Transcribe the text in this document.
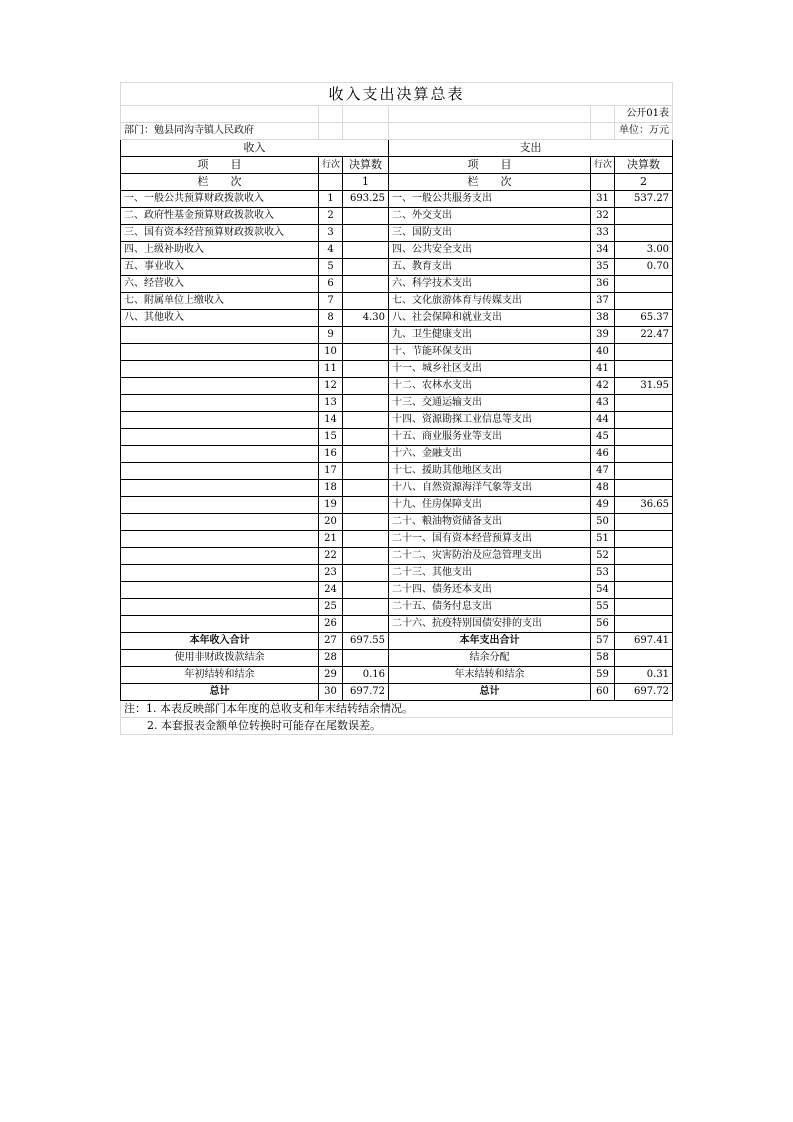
收入支出决算总表					
					公开01表
部门：勉县同沟寺镇人民政府					单位：万元
收入			支出		
项　　目	行次	决算数	项　　目	行次	决算数
栏　　次		1	栏　　次		2
一、一般公共预算财政拨款收入	1	693.25	一、一般公共服务支出	31	537.27
二、政府性基金预算财政拨款收入	2		二、外交支出	32	
三、国有资本经营预算财政拨款收入	3		三、国防支出	33	
四、上级补助收入	4		四、公共安全支出	34	3.00
五、事业收入	5		五、教育支出	35	0.70
六、经营收入	6		六、科学技术支出	36	
七、附属单位上缴收入	7		七、文化旅游体育与传媒支出	37	
八、其他收入	8	4.30	八、社会保障和就业支出	38	65.37
	9		九、卫生健康支出	39	22.47
	10		十、节能环保支出	40	
	11		十一、城乡社区支出	41	
	12		十二、农林水支出	42	31.95
	13		十三、交通运输支出	43	
	14		十四、资源勘探工业信息等支出	44	
	15		十五、商业服务业等支出	45	
	16		十六、金融支出	46	
	17		十七、援助其他地区支出	47	
	18		十八、自然资源海洋气象等支出	48	
	19		十九、住房保障支出	49	36.65
	20		二十、粮油物资储备支出	50	
	21		二十一、国有资本经营预算支出	51	
	22		二十二、灾害防治及应急管理支出	52	
	23		二十三、其他支出	53	
	24		二十四、债务还本支出	54	
	25		二十五、债务付息支出	55	
	26		二十六、抗疫特别国债安排的支出	56	
本年收入合计	27	697.55	本年支出合计	57	697.41
使用非财政拨款结余	28		结余分配	58	
年初结转和结余	29	0.16	年末结转和结余	59	0.31
总计	30	697.72	总计	60	697.72
注：1. 本表反映部门本年度的总收支和年末结转结余情况。					
2. 本套报表金额单位转换时可能存在尾数误差。					
